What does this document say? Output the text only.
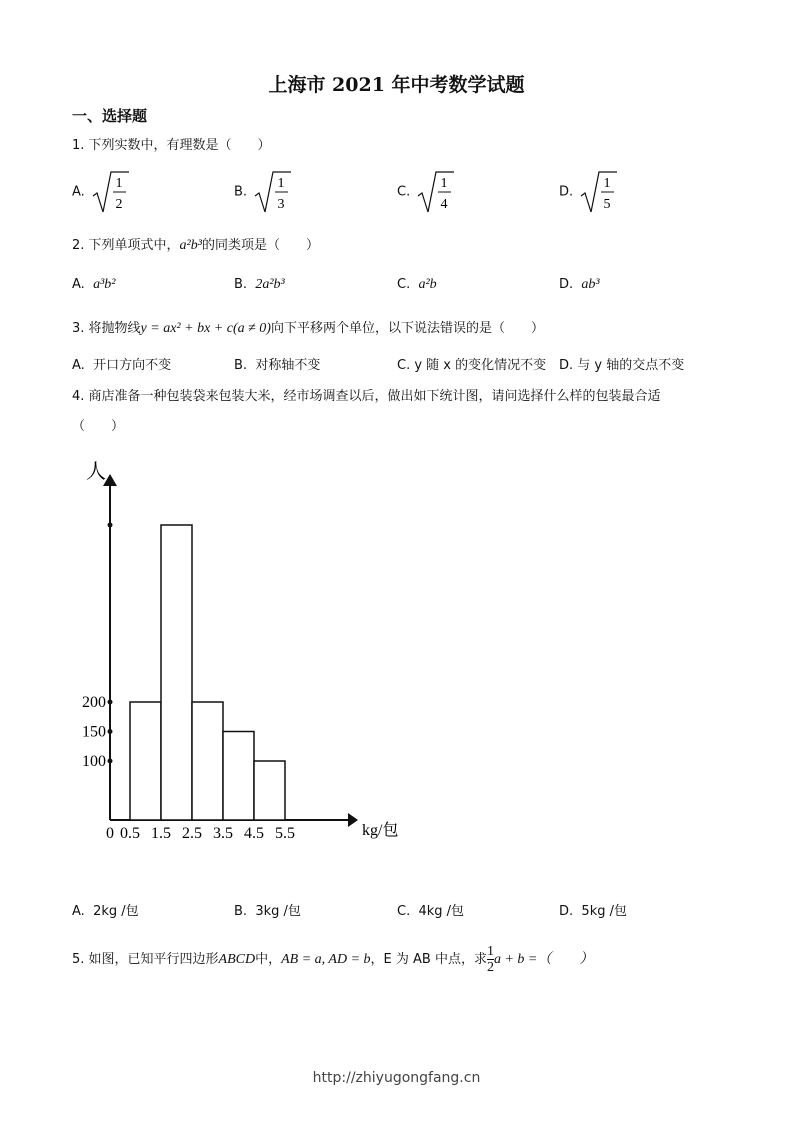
上海市 2021 年中考数学试题
一、选择题
1. 下列实数中，有理数是（　　）
A.
1
2
B.
1
3
C.
1
4
D.
1
5
2. 下列单项式中，a²b³的同类项是（　　）
A. a³b²	B. 2a²b³	C. a²b	D. ab³
3. 将抛物线y = ax² + bx + c(a ≠ 0)向下平移两个单位，以下说法错误的是（　　）
A. 开口方向不变	B. 对称轴不变	C. y 随 x 的变化情况不变 D. 与 y 轴的交点不变
4. 商店准备一种包装袋来包装大米，经市场调查以后，做出如下统计图，请问选择什么样的包装最合适
（　　）
100
150
200
0 0.5 1.5 2.5 3.5 4.5 5.5	kg/包
人
A. 2kg /包	B. 3kg /包	C. 4kg /包	D. 5kg /包
5. 如图，已知平行四边形ABCD中，AB = a, AD = b，E 为 AB 中点，求 $\frac{1}{2}$ a + b =（　　）
http://zhiyugongfang.cn
